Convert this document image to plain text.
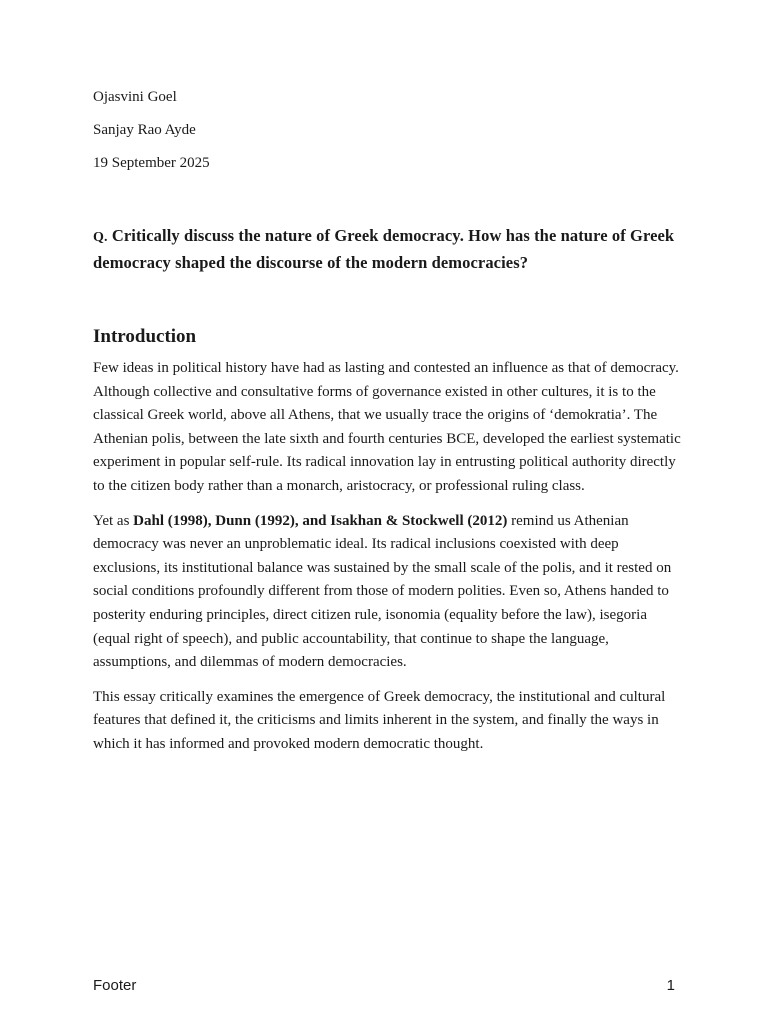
Ojasvini Goel

Sanjay Rao Ayde

19 September 2025

Q. Critically discuss the nature of Greek democracy. How has the nature of Greek democracy shaped the discourse of the modern democracies?
Introduction

Few ideas in political history have had as lasting and contested an influence as that of democracy. Although collective and consultative forms of governance existed in other cultures, it is to the classical Greek world, above all Athens, that we usually trace the origins of ‘demokratia’. The Athenian polis, between the late sixth and fourth centuries BCE, developed the earliest systematic experiment in popular self-rule. Its radical innovation lay in entrusting political authority directly to the citizen body rather than a monarch, aristocracy, or professional ruling class.

Yet as Dahl (1998), Dunn (1992), and Isakhan & Stockwell (2012) remind us Athenian democracy was never an unproblematic ideal. Its radical inclusions coexisted with deep exclusions, its institutional balance was sustained by the small scale of the polis, and it rested on social conditions profoundly different from those of modern polities. Even so, Athens handed to posterity enduring principles, direct citizen rule, isonomia (equality before the law), isegoria (equal right of speech), and public accountability, that continue to shape the language, assumptions, and dilemmas of modern democracies.

This essay critically examines the emergence of Greek democracy, the institutional and cultural features that defined it, the criticisms and limits inherent in the system, and finally the ways in which it has informed and provoked modern democratic thought.

Footer	1
